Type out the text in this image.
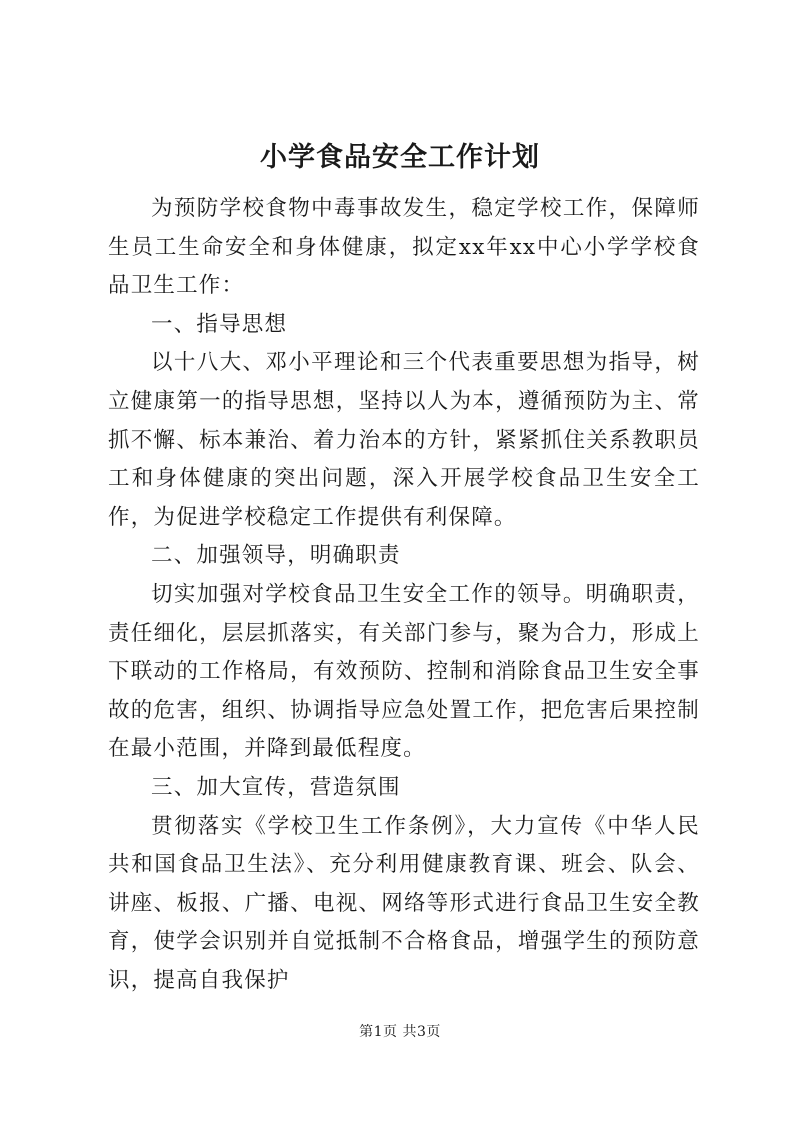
小学食品安全工作计划

为预防学校食物中毒事故发生，稳定学校工作，保障师生员工生命安全和身体健康，拟定xx年xx中心小学学校食品卫生工作：

一、指导思想

以十八大、邓小平理论和三个代表重要思想为指导，树立健康第一的指导思想，坚持以人为本，遵循预防为主、常抓不懈、标本兼治、着力治本的方针，紧紧抓住关系教职员工和身体健康的突出问题，深入开展学校食品卫生安全工作，为促进学校稳定工作提供有利保障。

二、加强领导，明确职责

切实加强对学校食品卫生安全工作的领导。明确职责，责任细化，层层抓落实，有关部门参与，聚为合力，形成上下联动的工作格局，有效预防、控制和消除食品卫生安全事故的危害，组织、协调指导应急处置工作，把危害后果控制在最小范围，并降到最低程度。

三、加大宣传，营造氛围

贯彻落实《学校卫生工作条例》，大力宣传《中华人民共和国食品卫生法》、充分利用健康教育课、班会、队会、讲座、板报、广播、电视、网络等形式进行食品卫生安全教育，使学会识别并自觉抵制不合格食品，增强学生的预防意识，提高自我保护

第1页 共3页
